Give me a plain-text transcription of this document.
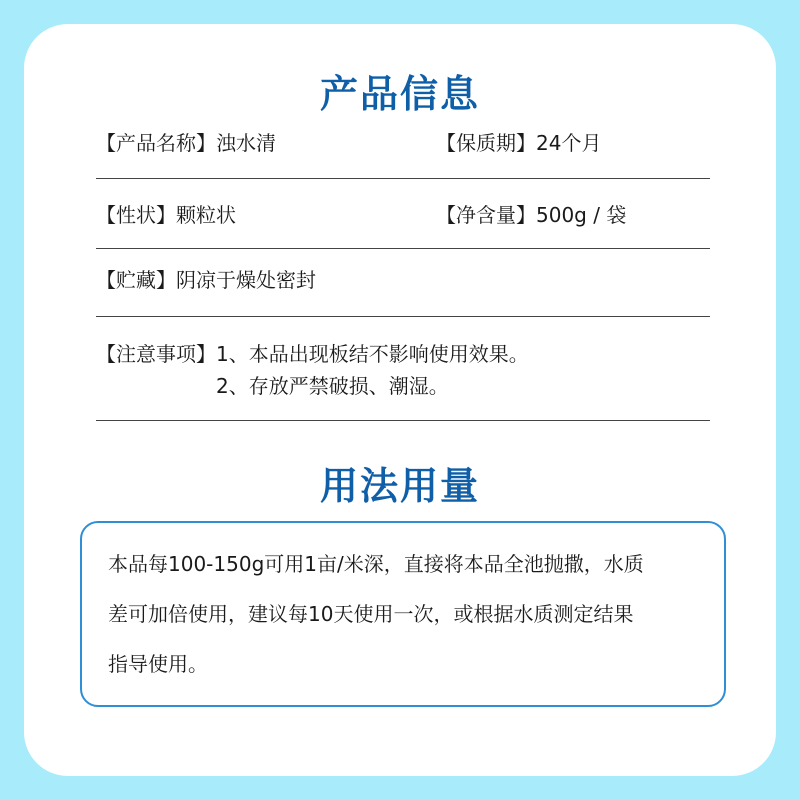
产品信息
【产品名称】浊水清	【保质期】24个月
【性状】颗粒状	【净含量】500g / 袋
【贮藏】阴凉于燥处密封
【注意事项】 1、本品出现板结不影响使用效果。
2、存放严禁破损、潮湿。
用法用量
本品每100-150g可用1亩/米深，直接将本品全池抛撒，水质
差可加倍使用，建议每10天使用一次，或根据水质测定结果
指导使用。
